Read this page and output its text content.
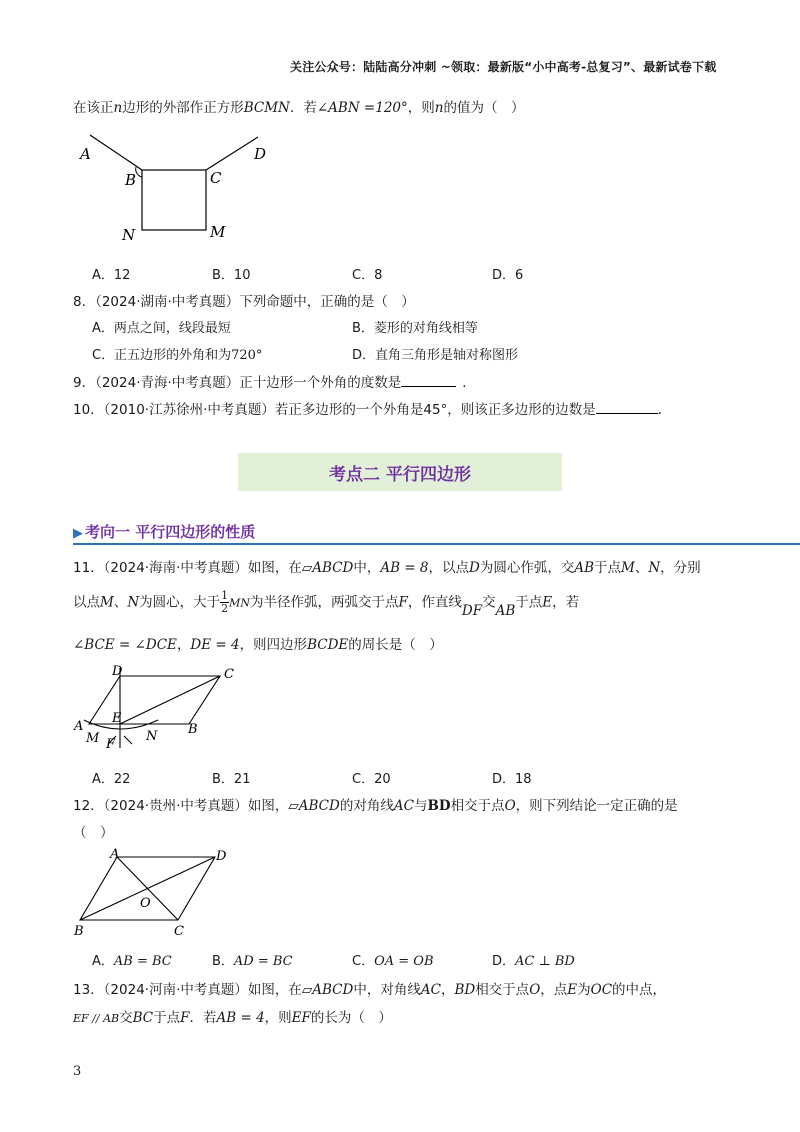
关注公众号：陆陆高分冲刺 ~领取：最新版“小中高考-总复习”、最新试卷下载
在该正n边形的外部作正方形BCMN．若∠ABN =120°，则n的值为（　）
A
B	C
D
N	M
A．12	B．10	C．8	D．6
8．（2024·湖南·中考真题）下列命题中，正确的是（　）
A．两点之间，线段最短	B．菱形的对角线相等
C．正五边形的外角和为720°	D．直角三角形是轴对称图形
9．（2024·青海·中考真题）正十边形一个外角的度数是	．
10．（2010·江苏徐州·中考真题）若正多边形的一个外角是45°，则该正多边形的边数是	．
考点二 平行四边形
▶ 考向一 平行四边形的性质
11．（2024·海南·中考真题）如图，在▱ABCD中，AB = 8，以点D为圆心作弧，交AB于点M、N，分别
以点M、N为圆心，大于 $\frac{1}{2}$ MN为半径作弧，两弧交于点F，作直线DF交AB于点E，若
∠BCE = ∠DCE，DE = 4，则四边形BCDE的周长是（　）
D	C
A
E
B
M F
N
A．22	B．21	C．20	D．18
12．（2024·贵州·中考真题）如图，▱ABCD的对角线AC与BD相交于点O，则下列结论一定正确的是
（　）
A	D
O
B	C
A．AB = BC	B．AD = BC	C．OA = OB	D．AC ⊥ BD
13．（2024·河南·中考真题）如图，在▱ABCD中，对角线AC，BD相交于点O，点E为OC的中点，
EF // AB交BC于点F．若AB = 4，则EF的长为（　）
3
